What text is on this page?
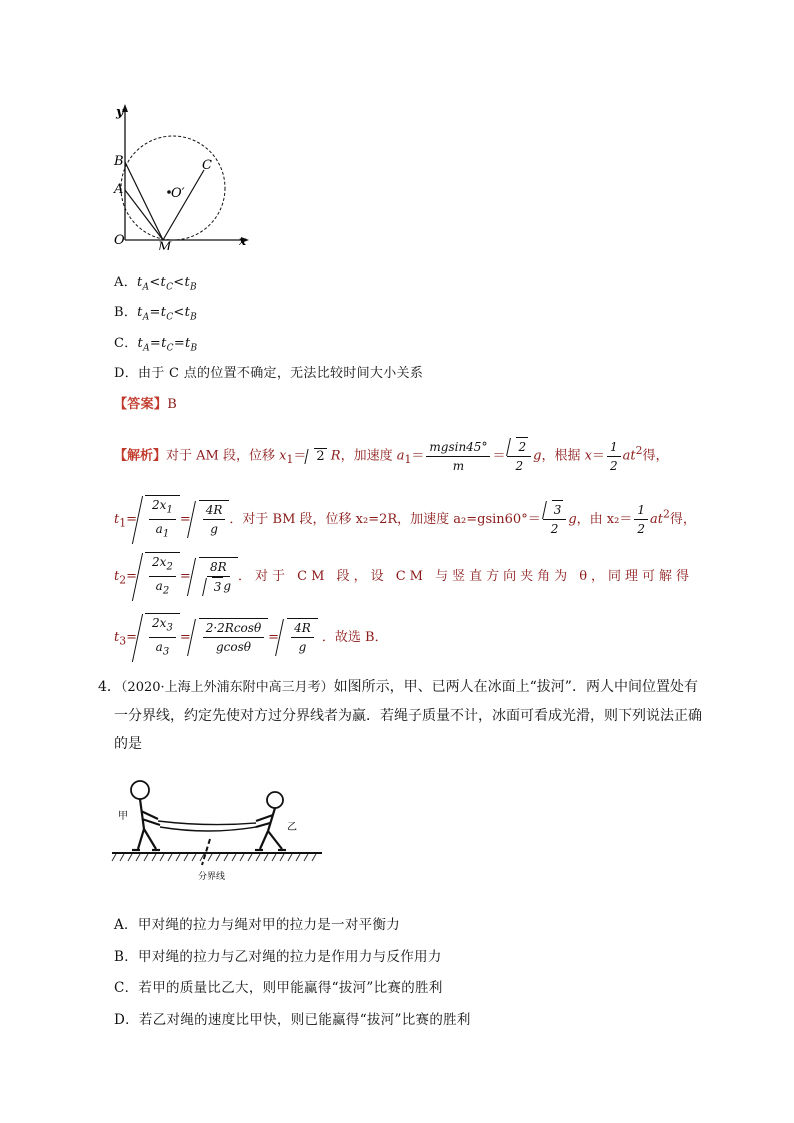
y
x
O
A
B	C
M
O′
A．$t_A<t_C<t_B$
B．$t_A=t_C<t_B$
C．$t_A=t_C=t_B$
D．由于 C 点的位置不确定，无法比较时间大小关系
【答案】B
【解析】对于 AM 段，位移 $x_1= 2$ R，加速度 $a_1= \frac{mgsin45^\circ}{m} = \frac{2}{2}$ g，根据 $x= \frac{1}{2} at^2$得，
$t_1= \frac{2x_1}{a_1} = \frac{4R}{g}$ ．对于 BM 段，位移 x₂=2R，加速度 $a_2=gsin60^\circ= \frac{3}{2}$ g，由 $x_2= \frac{1}{2} at^2$得，
$t_2= \frac{2x_2}{a_2} = \frac{8R}{3 g}$ ．对于 CM 段，设 CM 与竖直方向夹角为 θ，同理可解得
$t_3= \frac{2x_3}{a_3} = \frac{2\cdot 2Rcos\theta}{gcos\theta} = \frac{4R}{g}$ ．故选 B．
4．（2020·上海上外浦东附中高三月考）如图所示，甲、已两人在冰面上“拔河”．两人中间位置处有
一分界线，约定先使对方过分界线者为赢．若绳子质量不计，冰面可看成光滑，则下列说法正确
的是
甲
乙
分界线
A．甲对绳的拉力与绳对甲的拉力是一对平衡力
B．甲对绳的拉力与乙对绳的拉力是作用力与反作用力
C．若甲的质量比乙大，则甲能赢得“拔河”比赛的胜利
D．若乙对绳的速度比甲快，则已能赢得“拔河”比赛的胜利
